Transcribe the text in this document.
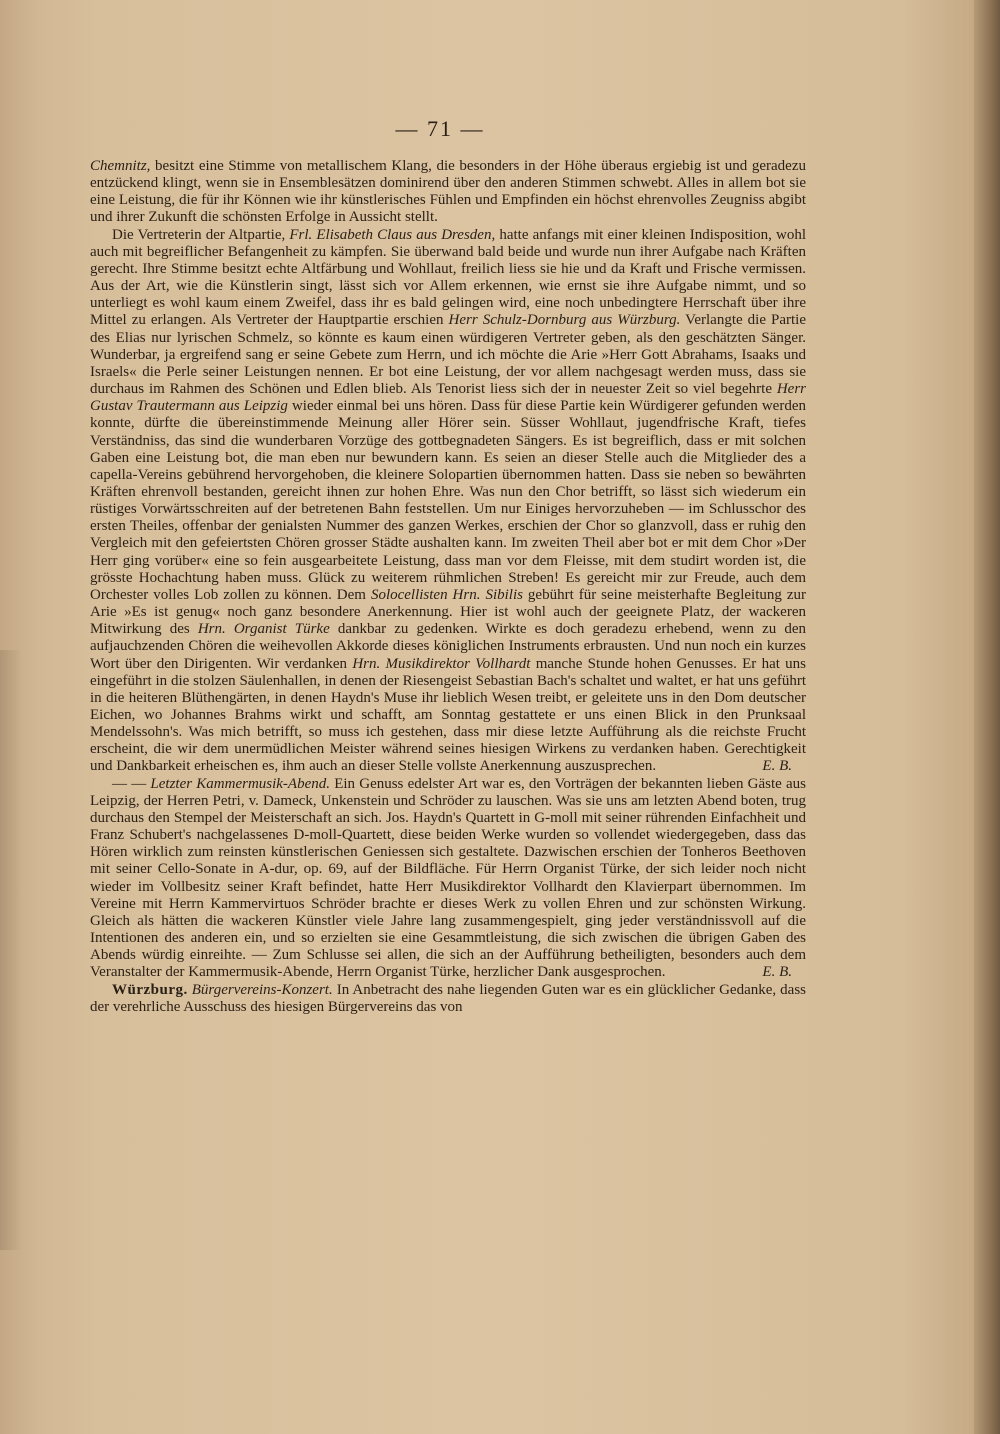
— 71 —

Chemnitz, besitzt eine Stimme von metallischem Klang, die besonders in der Höhe überaus ergiebig ist und geradezu entzückend klingt, wenn sie in Ensemblesätzen dominirend über den anderen Stimmen schwebt. Alles in allem bot sie eine Leistung, die für ihr Können wie ihr künstlerisches Fühlen und Empfinden ein höchst ehrenvolles Zeugniss abgibt und ihrer Zukunft die schönsten Erfolge in Aussicht stellt.

Die Vertreterin der Altpartie, Frl. Elisabeth Claus aus Dresden, hatte anfangs mit einer kleinen Indisposition, wohl auch mit begreiflicher Befangenheit zu kämpfen. Sie überwand bald beide und wurde nun ihrer Aufgabe nach Kräften gerecht. Ihre Stimme besitzt echte Altfärbung und Wohllaut, freilich liess sie hie und da Kraft und Frische vermissen. Aus der Art, wie die Künstlerin singt, lässt sich vor Allem erkennen, wie ernst sie ihre Aufgabe nimmt, und so unterliegt es wohl kaum einem Zweifel, dass ihr es bald gelingen wird, eine noch unbedingtere Herrschaft über ihre Mittel zu erlangen. Als Vertreter der Hauptpartie erschien Herr Schulz-Dornburg aus Würzburg. Verlangte die Partie des Elias nur lyrischen Schmelz, so könnte es kaum einen würdigeren Vertreter geben, als den geschätzten Sänger. Wunderbar, ja ergreifend sang er seine Gebete zum Herrn, und ich möchte die Arie »Herr Gott Abrahams, Isaaks und Israels« die Perle seiner Leistungen nennen. Er bot eine Leistung, der vor allem nachgesagt werden muss, dass sie durchaus im Rahmen des Schönen und Edlen blieb. Als Tenorist liess sich der in neuester Zeit so viel begehrte Herr Gustav Trautermann aus Leipzig wieder einmal bei uns hören. Dass für diese Partie kein Würdigerer gefunden werden konnte, dürfte die übereinstimmende Meinung aller Hörer sein. Süsser Wohllaut, jugendfrische Kraft, tiefes Verständniss, das sind die wunderbaren Vorzüge des gottbegnadeten Sängers. Es ist begreiflich, dass er mit solchen Gaben eine Leistung bot, die man eben nur bewundern kann. Es seien an dieser Stelle auch die Mitglieder des a capella-Vereins gebührend hervorgehoben, die kleinere Solopartien übernommen hatten. Dass sie neben so bewährten Kräften ehrenvoll bestanden, gereicht ihnen zur hohen Ehre. Was nun den Chor betrifft, so lässt sich wiederum ein rüstiges Vorwärtsschreiten auf der betretenen Bahn feststellen. Um nur Einiges hervorzuheben — im Schlusschor des ersten Theiles, offenbar der genialsten Nummer des ganzen Werkes, erschien der Chor so glanzvoll, dass er ruhig den Vergleich mit den gefeiertsten Chören grosser Städte aushalten kann. Im zweiten Theil aber bot er mit dem Chor »Der Herr ging vorüber« eine so fein ausgearbeitete Leistung, dass man vor dem Fleisse, mit dem studirt worden ist, die grösste Hochachtung haben muss. Glück zu weiterem rühmlichen Streben! Es gereicht mir zur Freude, auch dem Orchester volles Lob zollen zu können. Dem Solocellisten Hrn. Sibilis gebührt für seine meisterhafte Begleitung zur Arie »Es ist genug« noch ganz besondere Anerkennung. Hier ist wohl auch der geeignete Platz, der wackeren Mitwirkung des Hrn. Organist Türke dankbar zu gedenken. Wirkte es doch geradezu erhebend, wenn zu den aufjauchzenden Chören die weihevollen Akkorde dieses königlichen Instruments erbrausten. Und nun noch ein kurzes Wort über den Dirigenten. Wir verdanken Hrn. Musikdirektor Vollhardt manche Stunde hohen Genusses. Er hat uns eingeführt in die stolzen Säulenhallen, in denen der Riesengeist Sebastian Bach's schaltet und waltet, er hat uns geführt in die heiteren Blüthengärten, in denen Haydn's Muse ihr lieblich Wesen treibt, er geleitete uns in den Dom deutscher Eichen, wo Johannes Brahms wirkt und schafft, am Sonntag gestattete er uns einen Blick in den Prunksaal Mendelssohn's. Was mich betrifft, so muss ich gestehen, dass mir diese letzte Aufführung als die reichste Frucht erscheint, die wir dem unermüdlichen Meister während seines hiesigen Wirkens zu verdanken haben. Gerechtigkeit und Dankbarkeit erheischen es, ihm auch an dieser Stelle vollste Anerkennung auszusprechen.	E. B.

— — Letzter Kammermusik-Abend. Ein Genuss edelster Art war es, den Vorträgen der bekannten lieben Gäste aus Leipzig, der Herren Petri, v. Dameck, Unkenstein und Schröder zu lauschen. Was sie uns am letzten Abend boten, trug durchaus den Stempel der Meisterschaft an sich. Jos. Haydn's Quartett in G-moll mit seiner rührenden Einfachheit und Franz Schubert's nachgelassenes D-moll-Quartett, diese beiden Werke wurden so vollendet wiedergegeben, dass das Hören wirklich zum reinsten künstlerischen Geniessen sich gestaltete. Dazwischen erschien der Tonheros Beethoven mit seiner Cello-Sonate in A-dur, op. 69, auf der Bildfläche. Für Herrn Organist Türke, der sich leider noch nicht wieder im Vollbesitz seiner Kraft befindet, hatte Herr Musikdirektor Vollhardt den Klavierpart übernommen. Im Vereine mit Herrn Kammervirtuos Schröder brachte er dieses Werk zu vollen Ehren und zur schönsten Wirkung. Gleich als hätten die wackeren Künstler viele Jahre lang zusammengespielt, ging jeder verständnissvoll auf die Intentionen des anderen ein, und so erzielten sie eine Gesammtleistung, die sich zwischen die übrigen Gaben des Abends würdig einreihte. — Zum Schlusse sei allen, die sich an der Aufführung betheiligten, besonders auch dem Veranstalter der Kammermusik-Abende, Herrn Organist Türke, herzlicher Dank ausgesprochen.	E. B.

Würzburg. Bürgervereins-Konzert. In Anbetracht des nahe liegenden Guten war es ein glücklicher Gedanke, dass der verehrliche Ausschuss des hiesigen Bürgervereins das von
